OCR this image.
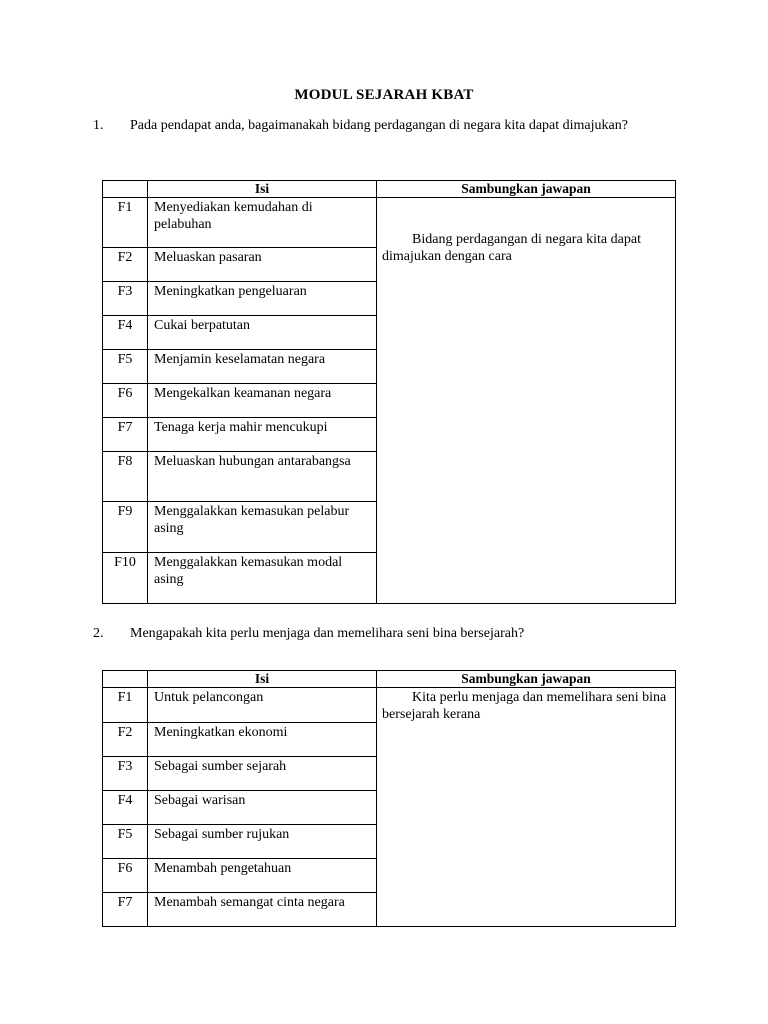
MODUL SEJARAH KBAT
1. Pada pendapat anda, bagaimanakah bidang perdagangan di negara kita dapat dimajukan?
	Isi	Sambungkan jawapan
F1	Menyediakan kemudahan di pelabuhan	Bidang perdagangan di negara kita dapat dimajukan dengan cara
F2	Meluaskan pasaran	
F3	Meningkatkan pengeluaran	
F4	Cukai berpatutan	
F5	Menjamin keselamatan negara	
F6	Mengekalkan keamanan negara	
F7	Tenaga kerja mahir mencukupi	
F8	Meluaskan hubungan antarabangsa	
F9	Menggalakkan kemasukan pelabur asing	
F10	Menggalakkan kemasukan modal asing	
2. Mengapakah kita perlu menjaga dan memelihara seni bina bersejarah?
	Isi	Sambungkan jawapan
F1	Untuk pelancongan	Kita perlu menjaga dan memelihara seni bina bersejarah kerana
F2	Meningkatkan ekonomi	
F3	Sebagai sumber sejarah	
F4	Sebagai warisan	
F5	Sebagai sumber rujukan	
F6	Menambah pengetahuan	
F7	Menambah semangat cinta negara	
